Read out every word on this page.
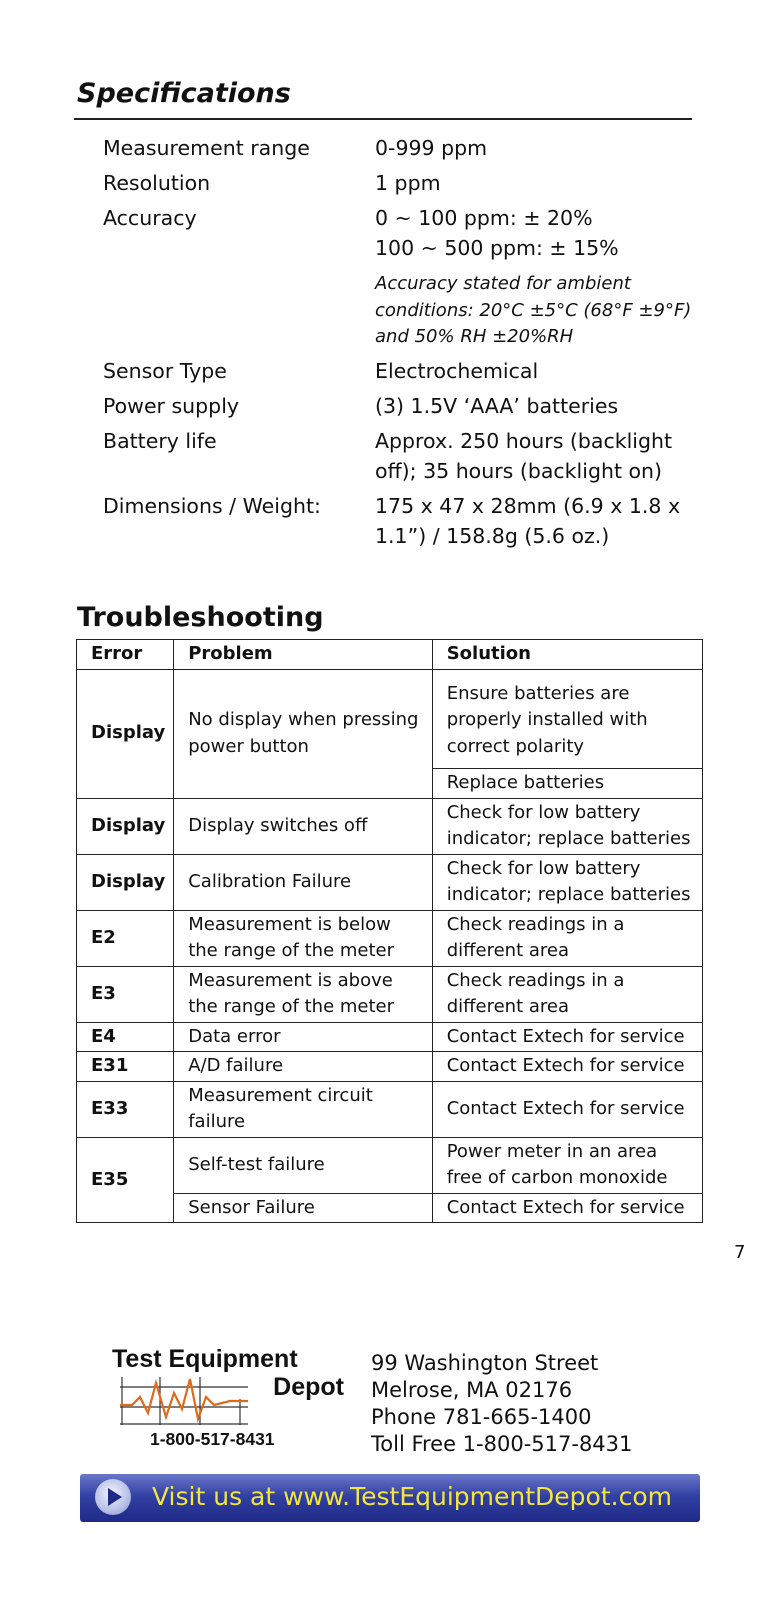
Specifications
Measurement range	0-999 ppm
Resolution	1 ppm
Accuracy	0 ~ 100 ppm: ± 20%
100 ~ 500 ppm: ± 15%
Accuracy stated for ambient
conditions: 20°C ±5°C (68°F ±9°F)
and 50% RH ±20%RH
Sensor Type	Electrochemical
Power supply	(3) 1.5V ‘AAA’ batteries
Battery life	Approx. 250 hours (backlight
off); 35 hours (backlight on)
Dimensions / Weight:	175 x 47 x 28mm (6.9 x 1.8 x
1.1”) / 158.8g (5.6 oz.)
Troubleshooting
Error	Problem	Solution
Display	No display when pressing power button	Ensure batteries are properly installed with correct polarity
		Replace batteries
Display	Display switches off	Check for low battery indicator; replace batteries
Display	Calibration Failure	Check for low battery indicator; replace batteries
E2	Measurement is below the range of the meter	Check readings in a different area
E3	Measurement is above the range of the meter	Check readings in a different area
E4	Data error	Contact Extech for service
E31	A/D failure	Contact Extech for service
E33	Measurement circuit failure	Contact Extech for service
E35	Self-test failure	Power meter in an area free of carbon monoxide
	Sensor Failure	Contact Extech for service
7
Test Equipment
Depot
1-800-517-8431
99 Washington Street
Melrose, MA 02176
Phone 781-665-1400
Toll Free 1-800-517-8431
Visit us at www.TestEquipmentDepot.com
